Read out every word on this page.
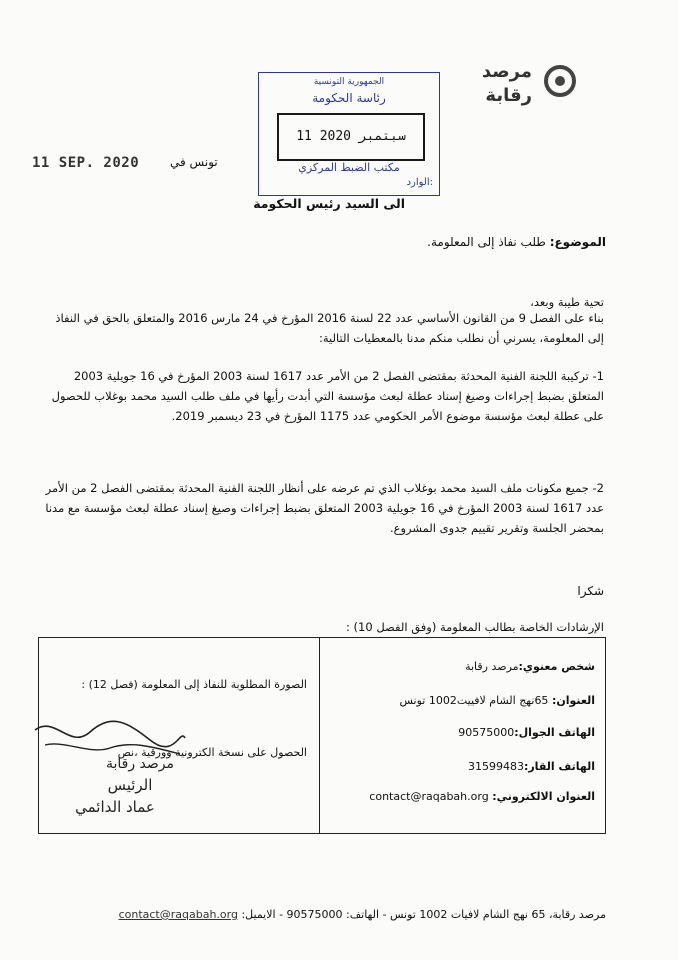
مرصد
رقابة
الجمهورية التونسية
رئاسة الحكومة
11 سبتمبر 2020
مكتب الضبط المركزي
الوارد:
11 SEP. 2020	تونس في
الى السيد رئيس الحكومة
الموضوع: طلب نفاذ إلى المعلومة.
تحية طيبة وبعد،
بناء على الفصل 9 من القانون الأساسي عدد 22 لسنة 2016 المؤرخ في 24 مارس 2016 والمتعلق بالحق في النفاذ إلى المعلومة، يسرني أن نطلب منكم مدنا بالمعطيات التالية:
1- تركيبة اللجنة الفنية المحدثة بمقتضى الفصل 2 من الأمر عدد 1617 لسنة 2003 المؤرخ في 16 جويلية 2003 المتعلق بضبط إجراءات وصيغ إسناد عطلة لبعث مؤسسة التي أبدت رأيها في ملف طلب السيد محمد بوغلاب للحصول على عطلة لبعث مؤسسة موضوع الأمر الحكومي عدد 1175 المؤرخ في 23 ديسمبر 2019.
2- جميع مكونات ملف السيد محمد بوغلاب الذي تم عرضه على أنظار اللجنة الفنية المحدثة بمقتضى الفصل 2 من الأمر عدد 1617 لسنة 2003 المؤرخ في 16 جويلية 2003 المتعلق بضبط إجراءات وصيغ إسناد عطلة لبعث مؤسسة مع مدنا بمحضر الجلسة وتقرير تقييم جدوى المشروع.
شكرا
الإرشادات الخاصة بطالب المعلومة (وفق الفصل 10) :
شخص معنوي:مرصد رقابة
العنوان: 65نهج الشام لافييت1002 تونس
الهاتف الجوال:90575000
الهاتف القار:31599483
العنوان الالكتروني: contact@raqabah.org
الصورة المطلوبة للنفاذ إلى المعلومة (فصل 12) :
الحصول على نسخة الكترونية وورقية ،نص
مرصد رقابة
الرئيس
عماد الدائمي
مرصد رقابة، 65 نهج الشام لافيات 1002 تونس - الهاتف: 90575000 - الايميل: contact@raqabah.org
